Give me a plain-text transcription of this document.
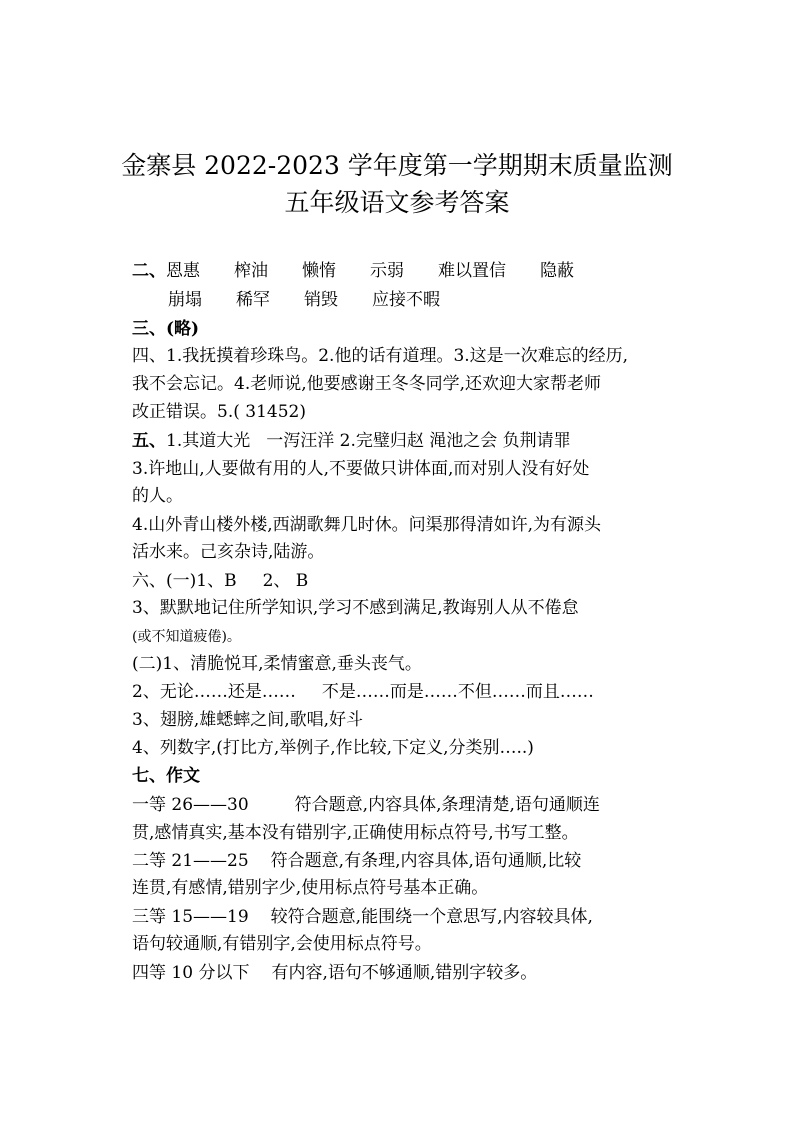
金寨县 2022-2023 学年度第一学期期末质量监测
五年级语文参考答案
二、恩惠 榨油 懒惰 示弱 难以置信 隐蔽
崩塌 稀罕 销毁 应接不暇
三、(略)
四、1.我抚摸着珍珠鸟。2.他的话有道理。3.这是一次难忘的经历,
我不会忘记。4.老师说,他要感谢王冬冬同学,还欢迎大家帮老师
改正错误。5.( 31452)
五、1.其道大光 一泻汪洋 2.完璧归赵 渑池之会 负荆请罪
3.许地山,人要做有用的人,不要做只讲体面,而对别人没有好处
的人。
4.山外青山楼外楼,西湖歌舞几时休。问渠那得清如许,为有源头
活水来。己亥杂诗,陆游。
六、(一)1、B 2、 B
3、默默地记住所学知识,学习不感到满足,教诲别人从不倦怠
(或不知道疲倦)。
(二)1、清脆悦耳,柔情蜜意,垂头丧气。
2、无论……还是…… 不是……而是……不但……而且……
3、翅膀,雄蟋蟀之间,歌唱,好斗
4、列数字,(打比方,举例子,作比较,下定义,分类别…..)
七、作文
一等 26——30	符合题意,内容具体,条理清楚,语句通顺连
贯,感情真实,基本没有错别字,正确使用标点符号,书写工整。
二等 21——25 符合题意,有条理,内容具体,语句通顺,比较
连贯,有感情,错别字少,使用标点符号基本正确。
三等 15——19 较符合题意,能围绕一个意思写,内容较具体,
语句较通顺,有错别字,会使用标点符号。
四等 10 分以下 有内容,语句不够通顺,错别字较多。
